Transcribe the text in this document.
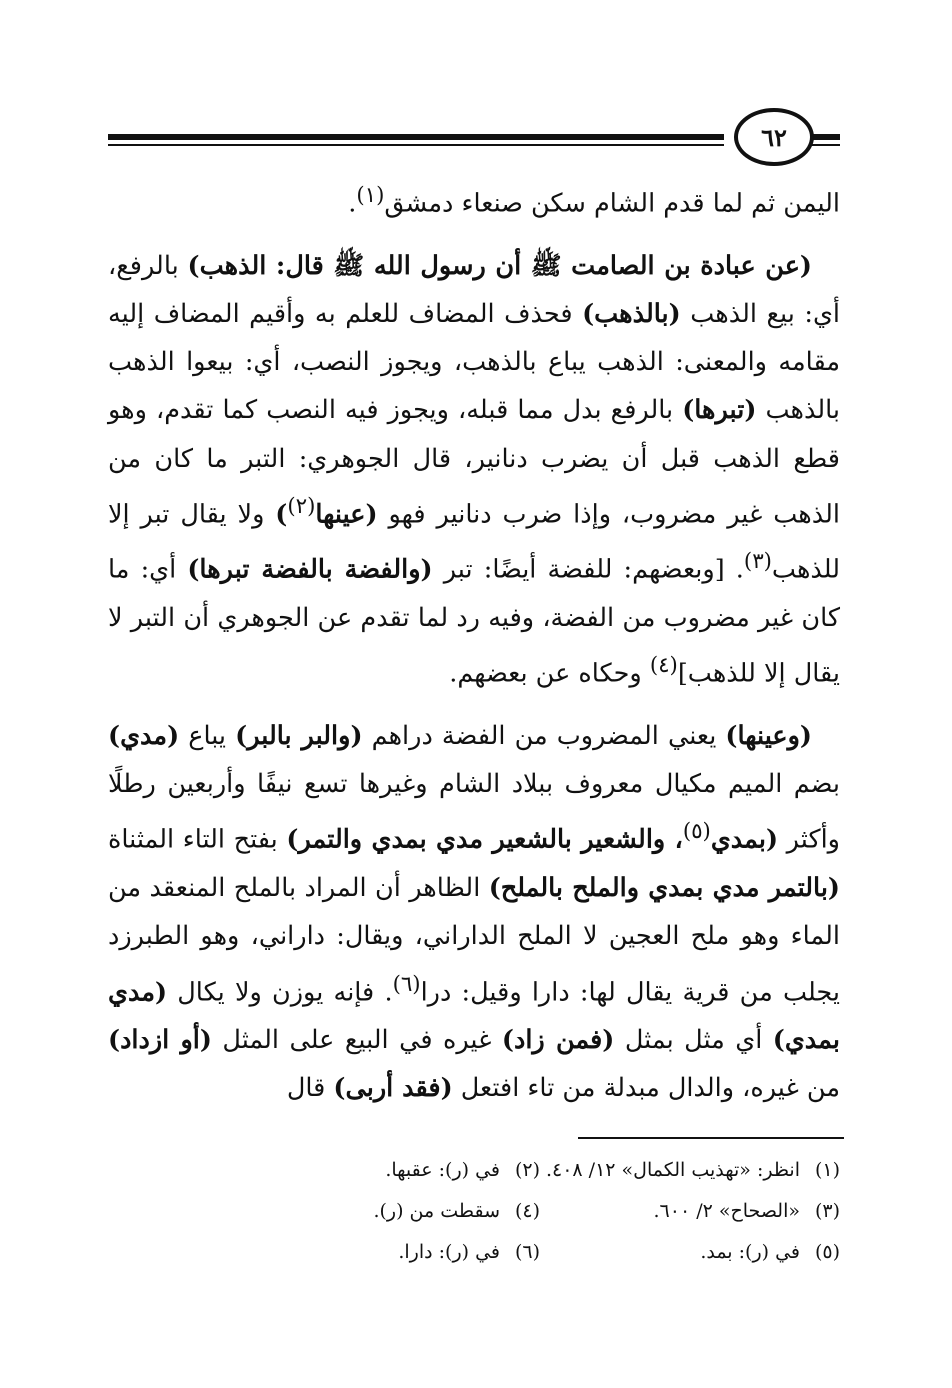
٦٢

اليمن ثم لما قدم الشام سكن صنعاء دمشق$^{(١)}$.

(عن عبادة بن الصامت ﷺ أن رسول الله ﷺ قال: الذهب) بالرفع، أي: بيع الذهب (بالذهب) فحذف المضاف للعلم به وأقيم المضاف إليه مقامه والمعنى: الذهب يباع بالذهب، ويجوز النصب، أي: بيعوا الذهب بالذهب (تبرها) بالرفع بدل مما قبله، ويجوز فيه النصب كما تقدم، وهو قطع الذهب قبل أن يضرب دنانير، قال الجوهري: التبر ما كان من الذهب غير مضروب، وإذا ضرب دنانير فهو (عينها$^{(٢)}$) ولا يقال تبر إلا للذهب$^{(٣)}$. [وبعضهم: للفضة أيضًا: تبر (والفضة بالفضة تبرها) أي: ما كان غير مضروب من الفضة، وفيه رد لما تقدم عن الجوهري أن التبر لا يقال إلا للذهب]$^{(٤)}$ وحكاه عن بعضهم.

(وعينها) يعني المضروب من الفضة دراهم (والبر بالبر) يباع (مدي) بضم الميم مكيال معروف ببلاد الشام وغيرها تسع نيفًا وأربعين رطلًا وأكثر (بمدي$^{(٥)}$، والشعير بالشعير مدي بمدي والتمر) بفتح التاء المثناة (بالتمر مدي بمدي والملح بالملح) الظاهر أن المراد بالملح المنعقد من الماء وهو ملح العجين لا الملح الداراني، ويقال: داراني، وهو الطبرزد يجلب من قرية يقال لها: دارا وقيل: درا$^{(٦)}$. فإنه يوزن ولا يكال (مدي بمدي) أي مثل بمثل (فمن زاد) غيره في البيع على المثل (أو ازداد) من غيره، والدال مبدلة من تاء افتعل (فقد أربى) قال

(١)انظر: «تهذيب الكمال» ١٢/ ٤٠٨.
(٢)في (ر): عقبها.
(٣)«الصحاح» ٢/ ٦٠٠.
(٤)سقطت من (ر).
(٥)في (ر): بمد.
(٦)في (ر): دارا.
